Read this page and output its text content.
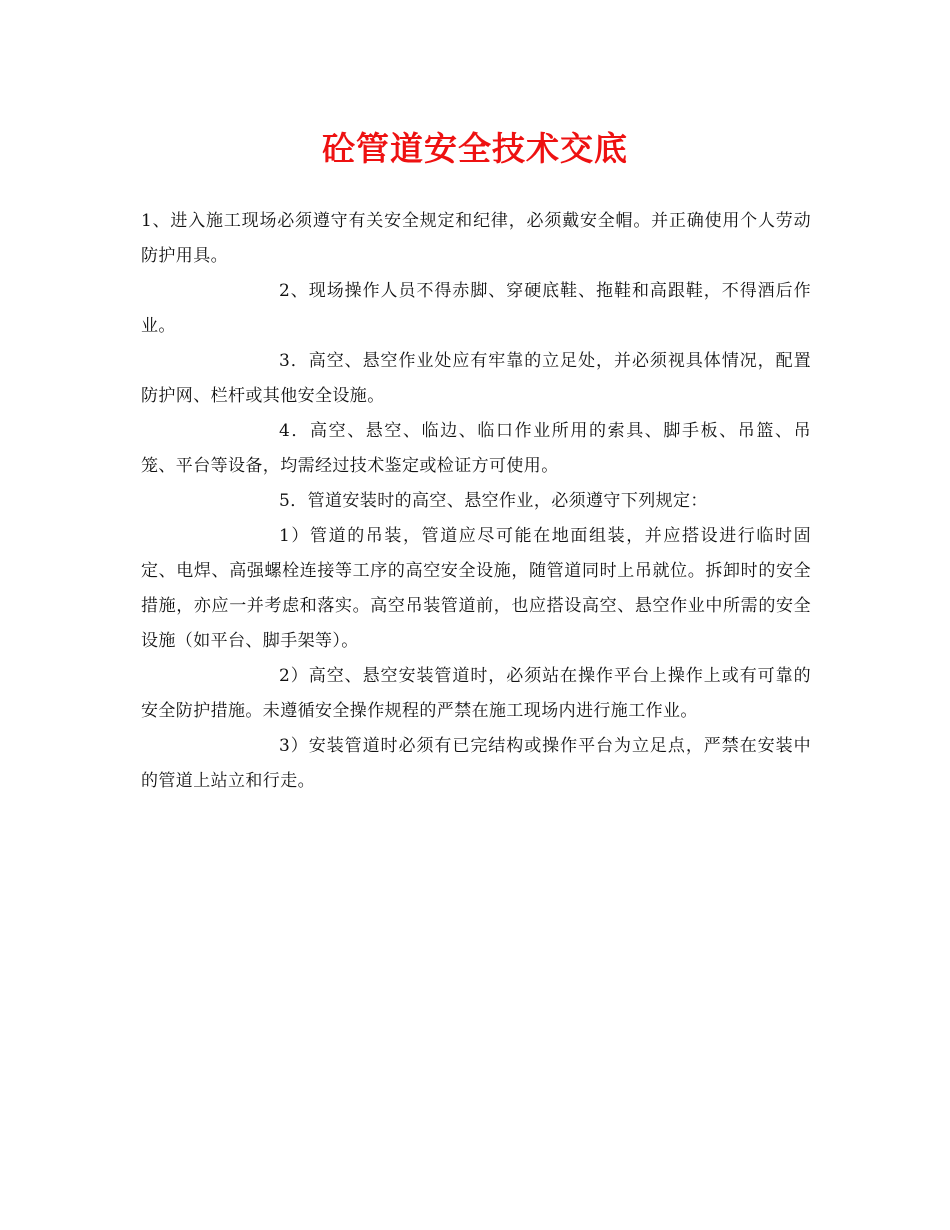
砼管道安全技术交底

1、进入施工现场必须遵守有关安全规定和纪律，必须戴安全帽。并正确使用个人劳动防护用具。

2、现场操作人员不得赤脚、穿硬底鞋、拖鞋和高跟鞋，不得酒后作业。

3．高空、悬空作业处应有牢靠的立足处，并必须视具体情况，配置防护网、栏杆或其他安全设施。

4．高空、悬空、临边、临口作业所用的索具、脚手板、吊篮、吊笼、平台等设备，均需经过技术鉴定或检证方可使用。

5．管道安装时的高空、悬空作业，必须遵守下列规定：

1）管道的吊装，管道应尽可能在地面组装，并应搭设进行临时固定、电焊、高强螺栓连接等工序的高空安全设施，随管道同时上吊就位。拆卸时的安全措施，亦应一并考虑和落实。高空吊装管道前，也应搭设高空、悬空作业中所需的安全设施（如平台、脚手架等）。

2）高空、悬空安装管道时，必须站在操作平台上操作上或有可靠的安全防护措施。未遵循安全操作规程的严禁在施工现场内进行施工作业。

3）安装管道时必须有已完结构或操作平台为立足点，严禁在安装中的管道上站立和行走。
